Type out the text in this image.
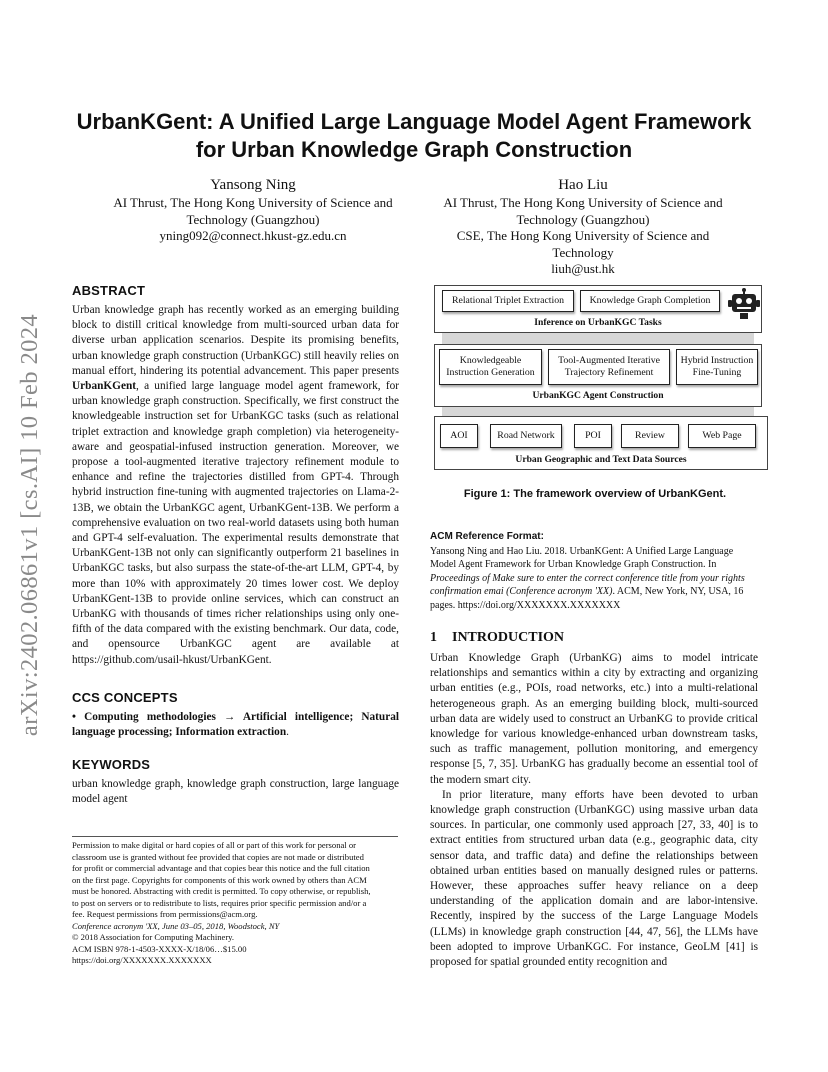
arXiv:2402.06861v1 [cs.AI] 10 Feb 2024
UrbanKGent: A Unified Large Language Model Agent Framework
for Urban Knowledge Graph Construction
Yansong Ning
AI Thrust, The Hong Kong University of Science and
Technology (Guangzhou)
yning092@connect.hkust-gz.edu.cn
Hao Liu
AI Thrust, The Hong Kong University of Science and
Technology (Guangzhou)
CSE, The Hong Kong University of Science and
Technology
liuh@ust.hk
ABSTRACT
Urban knowledge graph has recently worked as an emerging building block to distill critical knowledge from multi-sourced urban data for diverse urban application scenarios. Despite its promising benefits, urban knowledge graph construction (UrbanKGC) still heavily relies on manual effort, hindering its potential advancement. This paper presents UrbanKGent, a unified large language model agent framework, for urban knowledge graph construction. Specifically, we first construct the knowledgeable instruction set for UrbanKGC tasks (such as relational triplet extraction and knowledge graph completion) via heterogeneity-aware and geospatial-infused instruction generation. Moreover, we propose a tool-augmented iterative trajectory refinement module to enhance and refine the trajectories distilled from GPT-4. Through hybrid instruction fine-tuning with augmented trajectories on Llama-2-13B, we obtain the UrbanKGC agent, UrbanKGent-13B. We perform a comprehensive evaluation on two real-world datasets using both human and GPT-4 self-evaluation. The experimental results demonstrate that UrbanKGent-13B not only can significantly outperform 21 baselines in UrbanKGC tasks, but also surpass the state-of-the-art LLM, GPT-4, by more than 10% with approximately 20 times lower cost. We deploy UrbanKGent-13B to provide online services, which can construct an UrbanKG with thousands of times richer relationships using only one-fifth of the data compared with the existing benchmark. Our data, code, and opensource UrbanKGC agent are available at https://github.com/usail-hkust/UrbanKGent.
CCS CONCEPTS
• Computing methodologies → Artificial intelligence; Natural language processing; Information extraction.
KEYWORDS
urban knowledge graph, knowledge graph construction, large language model agent
Permission to make digital or hard copies of all or part of this work for personal or
classroom use is granted without fee provided that copies are not made or distributed
for profit or commercial advantage and that copies bear this notice and the full citation
on the first page. Copyrights for components of this work owned by others than ACM
must be honored. Abstracting with credit is permitted. To copy otherwise, or republish,
to post on servers or to redistribute to lists, requires prior specific permission and/or a
fee. Request permissions from permissions@acm.org.
Conference acronym 'XX, June 03–05, 2018, Woodstock, NY
© 2018 Association for Computing Machinery.
ACM ISBN 978-1-4503-XXXX-X/18/06…$15.00
https://doi.org/XXXXXXX.XXXXXXX
Relational Triplet Extraction	Knowledge Graph Completion
Inference on UrbanKGC Tasks
Knowledgeable Instruction Generation
Tool-Augmented Iterative Trajectory Refinement
Hybrid Instruction Fine-Tuning
UrbanKGC Agent Construction
AOI	Road Network	POI	Review	Web Page
Urban Geographic and Text Data Sources
Figure 1: The framework overview of UrbanKGent.
ACM Reference Format:
Yansong Ning and Hao Liu. 2018. UrbanKGent: A Unified Large Language Model Agent Framework for Urban Knowledge Graph Construction. In Proceedings of Make sure to enter the correct conference title from your rights confirmation emai (Conference acronym 'XX). ACM, New York, NY, USA, 16 pages. https://doi.org/XXXXXXX.XXXXXXX
1 INTRODUCTION

Urban Knowledge Graph (UrbanKG) aims to model intricate relationships and semantics within a city by extracting and organizing urban entities (e.g., POIs, road networks, etc.) into a multi-relational heterogeneous graph. As an emerging building block, multi-sourced urban data are widely used to construct an UrbanKG to provide critical knowledge for various knowledge-enhanced urban downstream tasks, such as traffic management, pollution monitoring, and emergency response [5, 7, 35]. UrbanKG has gradually become an essential tool of the modern smart city.

In prior literature, many efforts have been devoted to urban knowledge graph construction (UrbanKGC) using massive urban data sources. In particular, one commonly used approach [27, 33, 40] is to extract entities from structured urban data (e.g., geographic data, city sensor data, and traffic data) and define the relationships between obtained urban entities based on manually designed rules or patterns. However, these approaches suffer heavy reliance on a deep understanding of the application domain and are labor-intensive. Recently, inspired by the success of the Large Language Models (LLMs) in knowledge graph construction [44, 47, 56], the LLMs have been adopted to improve UrbanKGC. For instance, GeoLM [41] is proposed for spatial grounded entity recognition and
